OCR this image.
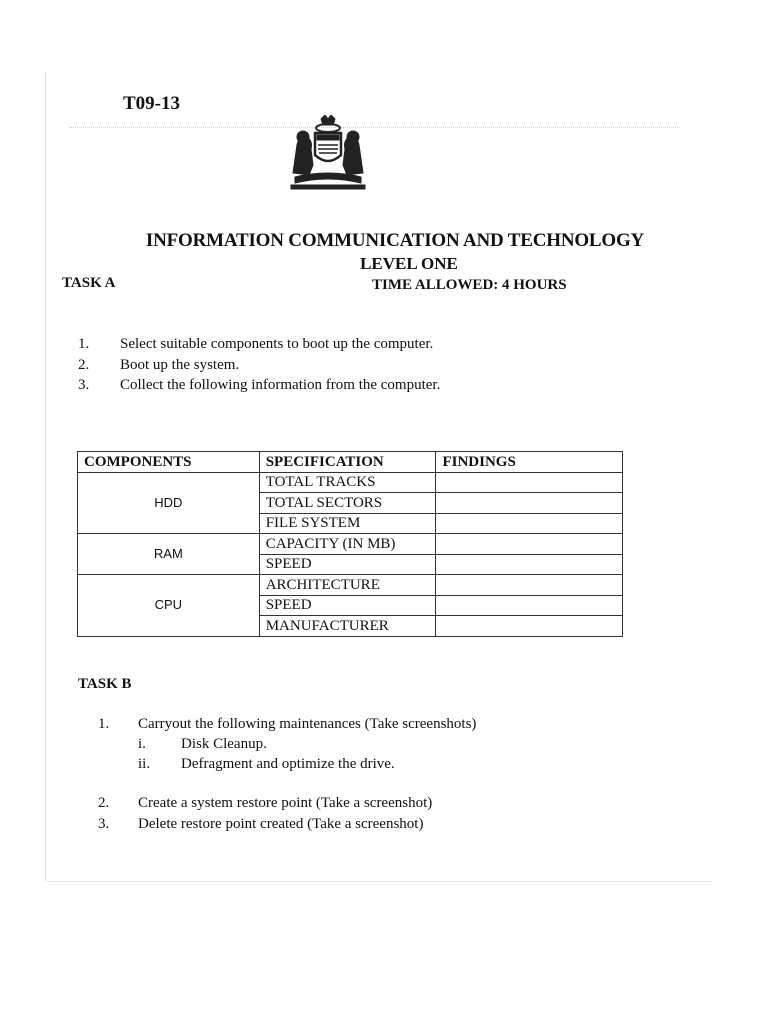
T09-13
INFORMATION COMMUNICATION AND TECHNOLOGY
LEVEL ONE
TASK A	TIME ALLOWED: 4 HOURS
1. Select suitable components to boot up the computer.
2. Boot up the system.
3. Collect the following information from the computer.
COMPONENTS	SPECIFICATION	FINDINGS
HDD	TOTAL TRACKS	
	TOTAL SECTORS	
	FILE SYSTEM	
RAM	CAPACITY (IN MB)	
	SPEED	
CPU	ARCHITECTURE	
	SPEED	
	MANUFACTURER	
TASK B
1. Carryout the following maintenances (Take screenshots)
i. Disk Cleanup.
ii. Defragment and optimize the drive.
2. Create a system restore point (Take a screenshot)
3. Delete restore point created (Take a screenshot)
